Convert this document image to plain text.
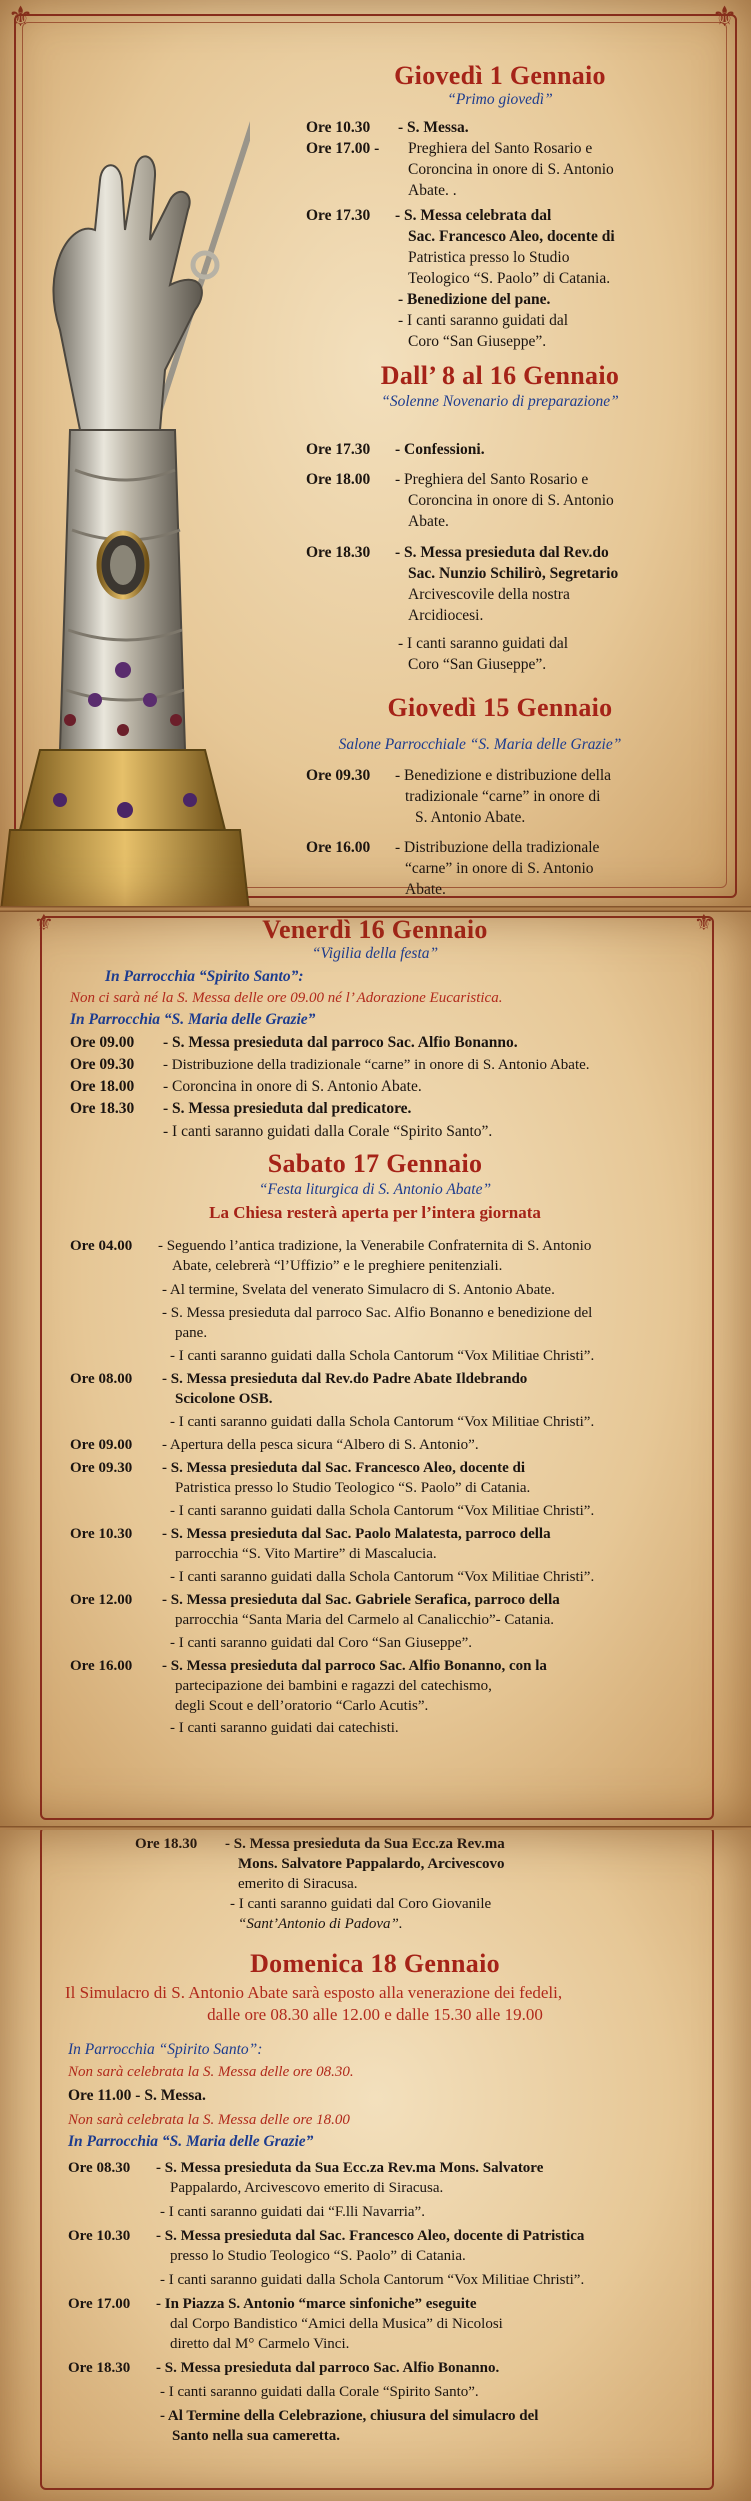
⚜	⚜
Giovedì 1 Gennaio
“Primo giovedì”
Ore 10.30	- S. Messa.
Ore 17.00 -	Preghiera del Santo Rosario e
Coroncina in onore di S. Antonio
Abate. .
Ore 17.30	- S. Messa celebrata dal
Sac. Francesco Aleo, docente di
Patristica presso lo Studio
Teologico “S. Paolo” di Catania.
- Benedizione del pane.
- I canti saranno guidati dal
Coro “San Giuseppe”.
Dall’ 8 al 16 Gennaio
“Solenne Novenario di preparazione”
Ore 17.30	- Confessioni.
Ore 18.00	- Preghiera del Santo Rosario e
Coroncina in onore di S. Antonio
Abate.
Ore 18.30	- S. Messa presieduta dal Rev.do
Sac. Nunzio Schilirò, Segretario
Arcivescovile della nostra
Arcidiocesi.
- I canti saranno guidati dal
Coro “San Giuseppe”.
Giovedì 15 Gennaio
Salone Parrocchiale “S. Maria delle Grazie”
Ore 09.30	- Benedizione e distribuzione della
tradizionale “carne” in onore di
S. Antonio Abate.
Ore 16.00	- Distribuzione della tradizionale
“carne” in onore di S. Antonio
Abate.
⚜	⚜
Venerdì 16 Gennaio
“Vigilia della festa”
In Parrocchia “Spirito Santo”:
Non ci sarà né la S. Messa delle ore 09.00 né l’ Adorazione Eucaristica.
In Parrocchia “S. Maria delle Grazie”
Ore 09.00	- S. Messa presieduta dal parroco Sac. Alfio Bonanno.
Ore 09.30	- Distribuzione della tradizionale “carne” in onore di S. Antonio Abate.
Ore 18.00	- Coroncina in onore di S. Antonio Abate.
Ore 18.30	- S. Messa presieduta dal predicatore.
- I canti saranno guidati dalla Corale “Spirito Santo”.
Sabato 17 Gennaio
“Festa liturgica di S. Antonio Abate”
La Chiesa resterà aperta per l’intera giornata
Ore 04.00	- Seguendo l’antica tradizione, la Venerabile Confraternita di S. Antonio
Abate, celebrerà “l’Uffizio” e le preghiere penitenziali.
- Al termine, Svelata del venerato Simulacro di S. Antonio Abate.
- S. Messa presieduta dal parroco Sac. Alfio Bonanno e benedizione del
pane.
- I canti saranno guidati dalla Schola Cantorum “Vox Militiae Christi”.
Ore 08.00	- S. Messa presieduta dal Rev.do Padre Abate Ildebrando
Scicolone OSB.
- I canti saranno guidati dalla Schola Cantorum “Vox Militiae Christi”.
Ore 09.00	- Apertura della pesca sicura “Albero di S. Antonio”.
Ore 09.30	- S. Messa presieduta dal Sac. Francesco Aleo, docente di
Patristica presso lo Studio Teologico “S. Paolo” di Catania.
- I canti saranno guidati dalla Schola Cantorum “Vox Militiae Christi”.
Ore 10.30	- S. Messa presieduta dal Sac. Paolo Malatesta, parroco della
parrocchia “S. Vito Martire” di Mascalucia.
- I canti saranno guidati dalla Schola Cantorum “Vox Militiae Christi”.
Ore 12.00	- S. Messa presieduta dal Sac. Gabriele Serafica, parroco della
parrocchia “Santa Maria del Carmelo al Canalicchio”- Catania.
- I canti saranno guidati dal Coro “San Giuseppe”.
Ore 16.00	- S. Messa presieduta dal parroco Sac. Alfio Bonanno, con la
partecipazione dei bambini e ragazzi del catechismo,
degli Scout e dell’oratorio “Carlo Acutis”.
- I canti saranno guidati dai catechisti.
Ore 18.30	- S. Messa presieduta da Sua Ecc.za Rev.ma
Mons. Salvatore Pappalardo, Arcivescovo
emerito di Siracusa.
- I canti saranno guidati dal Coro Giovanile
“Sant’Antonio di Padova”.
Domenica 18 Gennaio
Il Simulacro di S. Antonio Abate sarà esposto alla venerazione dei fedeli,
dalle ore 08.30 alle 12.00 e dalle 15.30 alle 19.00
In Parrocchia “Spirito Santo”:
Non sarà celebrata la S. Messa delle ore 08.30.
Ore 11.00 - S. Messa.
Non sarà celebrata la S. Messa delle ore 18.00
In Parrocchia “S. Maria delle Grazie”
Ore 08.30	- S. Messa presieduta da Sua Ecc.za Rev.ma Mons. Salvatore
Pappalardo, Arcivescovo emerito di Siracusa.
- I canti saranno guidati dai “F.lli Navarria”.
Ore 10.30	- S. Messa presieduta dal Sac. Francesco Aleo, docente di Patristica
presso lo Studio Teologico “S. Paolo” di Catania.
- I canti saranno guidati dalla Schola Cantorum “Vox Militiae Christi”.
Ore 17.00	- In Piazza S. Antonio “marce sinfoniche” eseguite
dal Corpo Bandistico “Amici della Musica” di Nicolosi
diretto dal M° Carmelo Vinci.
Ore 18.30	- S. Messa presieduta dal parroco Sac. Alfio Bonanno.
- I canti saranno guidati dalla Corale “Spirito Santo”.
- Al Termine della Celebrazione, chiusura del simulacro del
Santo nella sua cameretta.
